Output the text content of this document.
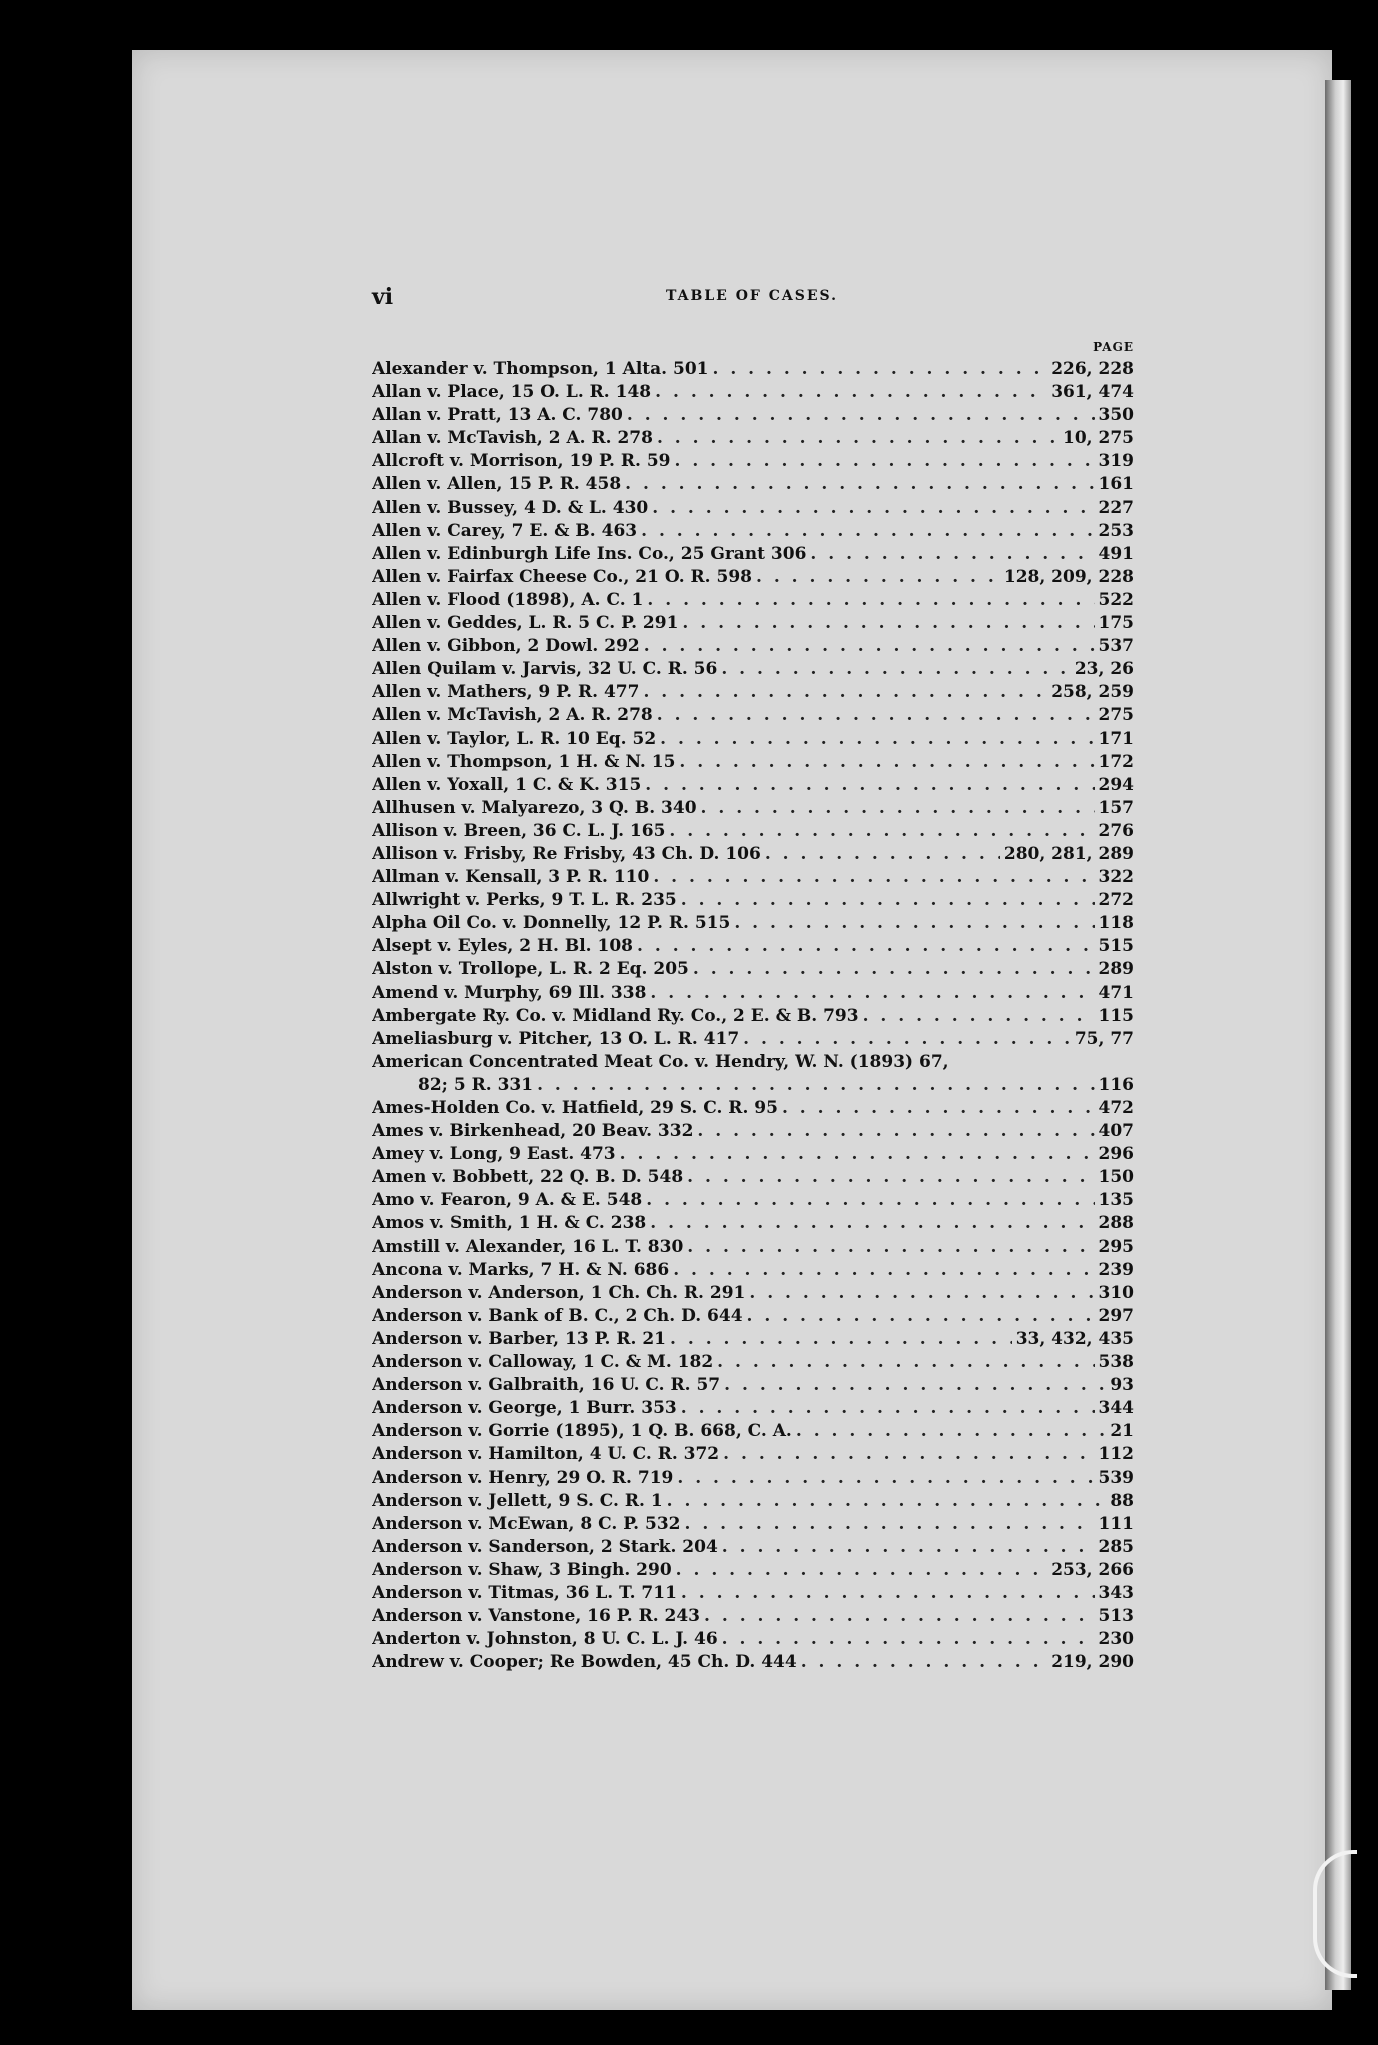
vi	TABLE OF CASES.
PAGE
Alexander v. Thompson, 1 Alta. 501 . . .	226, 228
Allan v. Place, 15 O. L. R. 148 . . .	361, 474
Allan v. Pratt, 13 A. C. 780 . . .	350
Allan v. McTavish, 2 A. R. 278 . . .	10, 275
Allcroft v. Morrison, 19 P. R. 59 . . .	319
Allen v. Allen, 15 P. R. 458 . . .	161
Allen v. Bussey, 4 D. & L. 430 . . .	227
Allen v. Carey, 7 E. & B. 463 . . .	253
Allen v. Edinburgh Life Ins. Co., 25 Grant 306 . . .	491
Allen v. Fairfax Cheese Co., 21 O. R. 598 . . .	128, 209, 228
Allen v. Flood (1898), A. C. 1 . . .	522
Allen v. Geddes, L. R. 5 C. P. 291 . . .	175
Allen v. Gibbon, 2 Dowl. 292 . . .	537
Allen Quilam v. Jarvis, 32 U. C. R. 56 . . .	23, 26
Allen v. Mathers, 9 P. R. 477 . . .	258, 259
Allen v. McTavish, 2 A. R. 278 . . .	275
Allen v. Taylor, L. R. 10 Eq. 52 . . .	171
Allen v. Thompson, 1 H. & N. 15 . . .	172
Allen v. Yoxall, 1 C. & K. 315 . . .	294
Allhusen v. Malyarezo, 3 Q. B. 340 . . .	157
Allison v. Breen, 36 C. L. J. 165 . . .	276
Allison v. Frisby, Re Frisby, 43 Ch. D. 106 . . .	280, 281, 289
Allman v. Kensall, 3 P. R. 110 . . .	322
Allwright v. Perks, 9 T. L. R. 235 . . .	272
Alpha Oil Co. v. Donnelly, 12 P. R. 515 . . .	118
Alsept v. Eyles, 2 H. Bl. 108 . . .	515
Alston v. Trollope, L. R. 2 Eq. 205 . . .	289
Amend v. Murphy, 69 Ill. 338 . . .	471
Ambergate Ry. Co. v. Midland Ry. Co., 2 E. & B. 793 . . .	115
Ameliasburg v. Pitcher, 13 O. L. R. 417 . . .	75, 77
American Concentrated Meat Co. v. Hendry, W. N. (1893) 67,
82; 5 R. 331 . . .	116
Ames-Holden Co. v. Hatfield, 29 S. C. R. 95 . . .	472
Ames v. Birkenhead, 20 Beav. 332 . . .	407
Amey v. Long, 9 East. 473 . . .	296
Amen v. Bobbett, 22 Q. B. D. 548 . . .	150
Amo v. Fearon, 9 A. & E. 548 . . .	135
Amos v. Smith, 1 H. & C. 238 . . .	288
Amstill v. Alexander, 16 L. T. 830 . . .	295
Ancona v. Marks, 7 H. & N. 686 . . .	239
Anderson v. Anderson, 1 Ch. Ch. R. 291 . . .	310
Anderson v. Bank of B. C., 2 Ch. D. 644 . . .	297
Anderson v. Barber, 13 P. R. 21 . . .	33, 432, 435
Anderson v. Calloway, 1 C. & M. 182 . . .	538
Anderson v. Galbraith, 16 U. C. R. 57 . . .	93
Anderson v. George, 1 Burr. 353 . . .	344
Anderson v. Gorrie (1895), 1 Q. B. 668, C. A. . . .	21
Anderson v. Hamilton, 4 U. C. R. 372 . . .	112
Anderson v. Henry, 29 O. R. 719 . . .	539
Anderson v. Jellett, 9 S. C. R. 1 . . .	88
Anderson v. McEwan, 8 C. P. 532 . . .	111
Anderson v. Sanderson, 2 Stark. 204 . . .	285
Anderson v. Shaw, 3 Bingh. 290 . . .	253, 266
Anderson v. Titmas, 36 L. T. 711 . . .	343
Anderson v. Vanstone, 16 P. R. 243 . . .	513
Anderton v. Johnston, 8 U. C. L. J. 46 . . .	230
Andrew v. Cooper; Re Bowden, 45 Ch. D. 444 . . .	219, 290
